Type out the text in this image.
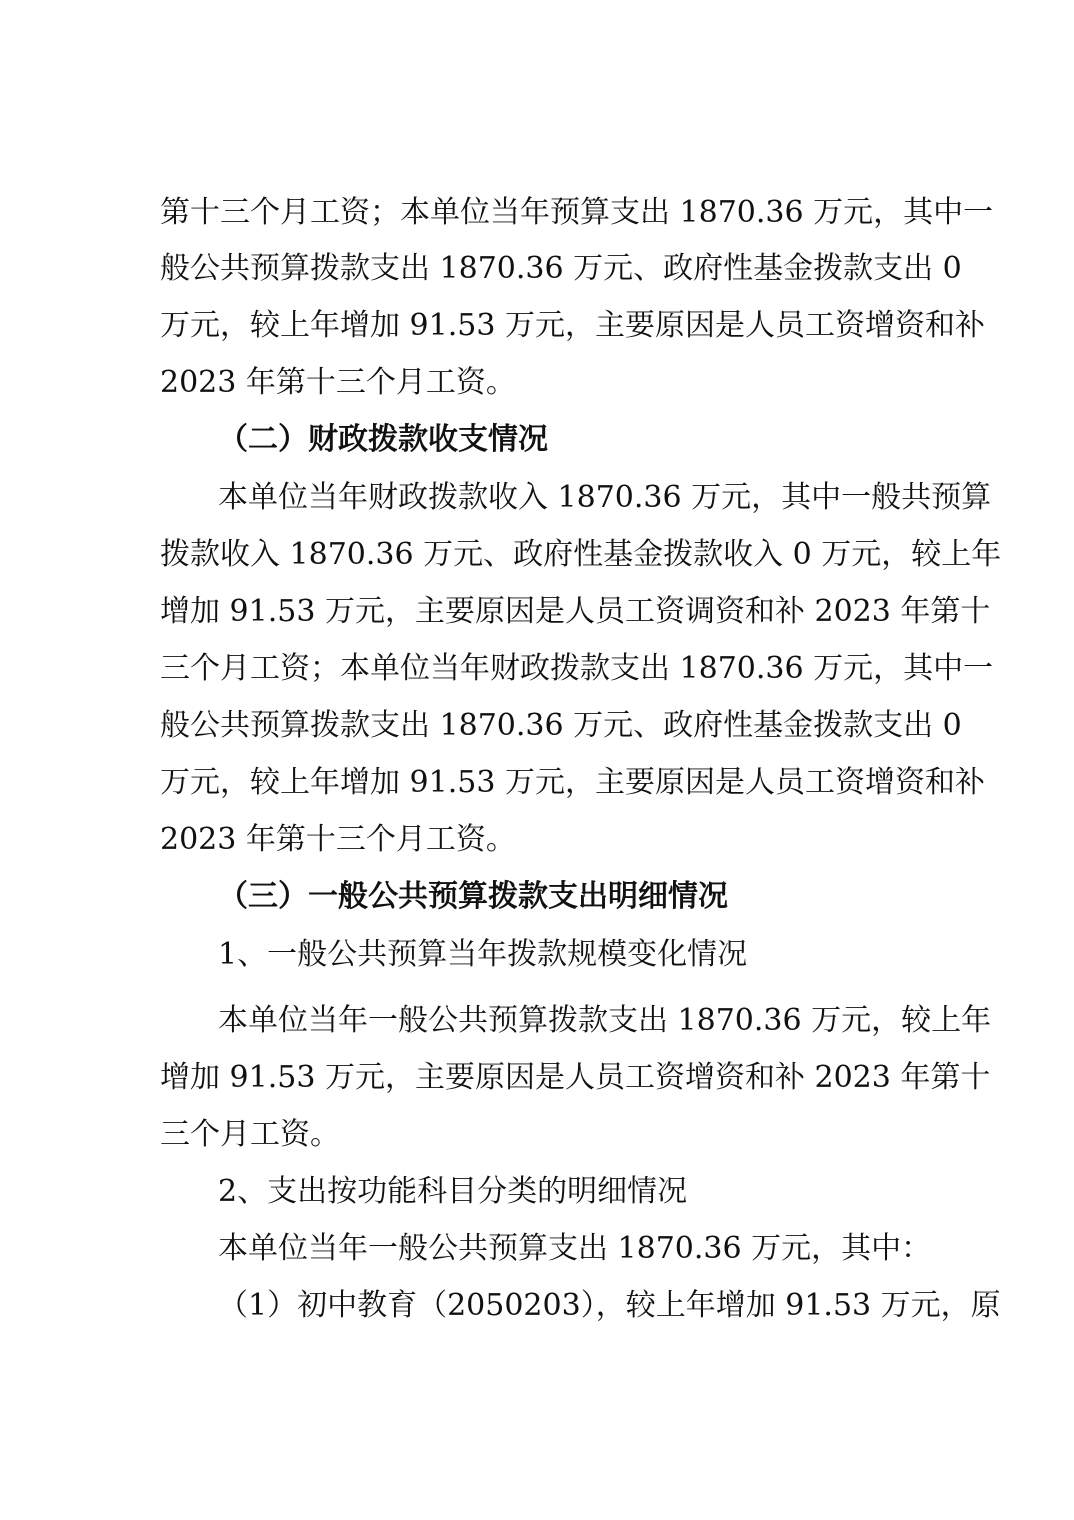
第十三个月工资；本单位当年预算支出 1870.36 万元，其中一
般公共预算拨款支出 1870.36 万元、政府性基金拨款支出 0
万元，较上年增加 91.53 万元，主要原因是人员工资增资和补
2023 年第十三个月工资。
（二）财政拨款收支情况
本单位当年财政拨款收入 1870.36 万元，其中一般共预算
拨款收入 1870.36 万元、政府性基金拨款收入 0 万元，较上年
增加 91.53 万元，主要原因是人员工资调资和补 2023 年第十
三个月工资；本单位当年财政拨款支出 1870.36 万元，其中一
般公共预算拨款支出 1870.36 万元、政府性基金拨款支出 0
万元，较上年增加 91.53 万元，主要原因是人员工资增资和补
2023 年第十三个月工资。
（三）一般公共预算拨款支出明细情况
1、一般公共预算当年拨款规模变化情况
本单位当年一般公共预算拨款支出 1870.36 万元，较上年
增加 91.53 万元，主要原因是人员工资增资和补 2023 年第十
三个月工资。
2、支出按功能科目分类的明细情况
本单位当年一般公共预算支出 1870.36 万元，其中：
（1）初中教育（2050203），较上年增加 91.53 万元，原
